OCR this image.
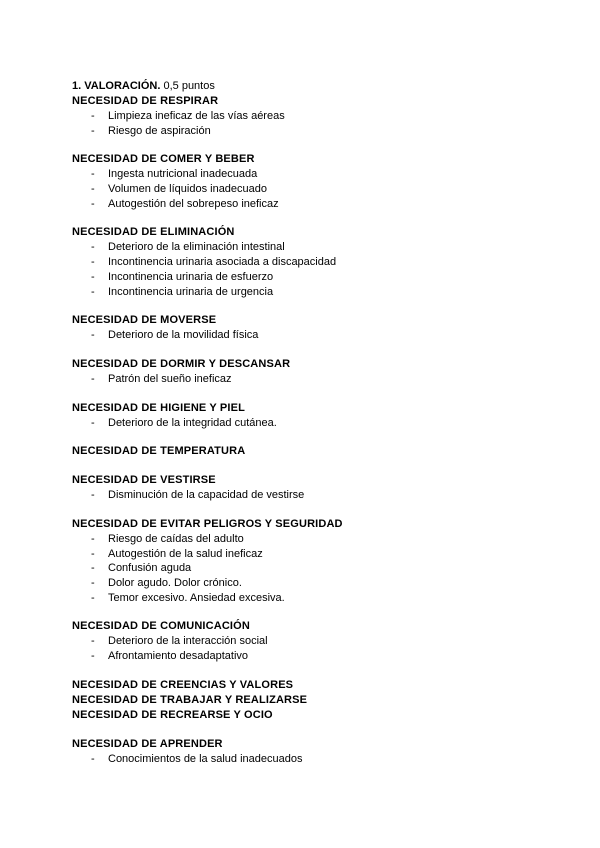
1. VALORACIÓN. 0,5 puntos
NECESIDAD DE RESPIRAR
- Limpieza ineficaz de las vías aéreas
- Riesgo de aspiración
NECESIDAD DE COMER Y BEBER
- Ingesta nutricional inadecuada
- Volumen de líquidos inadecuado
- Autogestión del sobrepeso ineficaz
NECESIDAD DE ELIMINACIÓN
- Deterioro de la eliminación intestinal
- Incontinencia urinaria asociada a discapacidad
- Incontinencia urinaria de esfuerzo
- Incontinencia urinaria de urgencia
NECESIDAD DE MOVERSE
- Deterioro de la movilidad física
NECESIDAD DE DORMIR Y DESCANSAR
- Patrón del sueño ineficaz
NECESIDAD DE HIGIENE Y PIEL
- Deterioro de la integridad cutánea.
NECESIDAD DE TEMPERATURA
NECESIDAD DE VESTIRSE
- Disminución de la capacidad de vestirse
NECESIDAD DE EVITAR PELIGROS Y SEGURIDAD
- Riesgo de caídas del adulto
- Autogestión de la salud ineficaz
- Confusión aguda
- Dolor agudo. Dolor crónico.
- Temor excesivo. Ansiedad excesiva.
NECESIDAD DE COMUNICACIÓN
- Deterioro de la interacción social
- Afrontamiento desadaptativo
NECESIDAD DE CREENCIAS Y VALORES
NECESIDAD DE TRABAJAR Y REALIZARSE
NECESIDAD DE RECREARSE Y OCIO
NECESIDAD DE APRENDER
- Conocimientos de la salud inadecuados
